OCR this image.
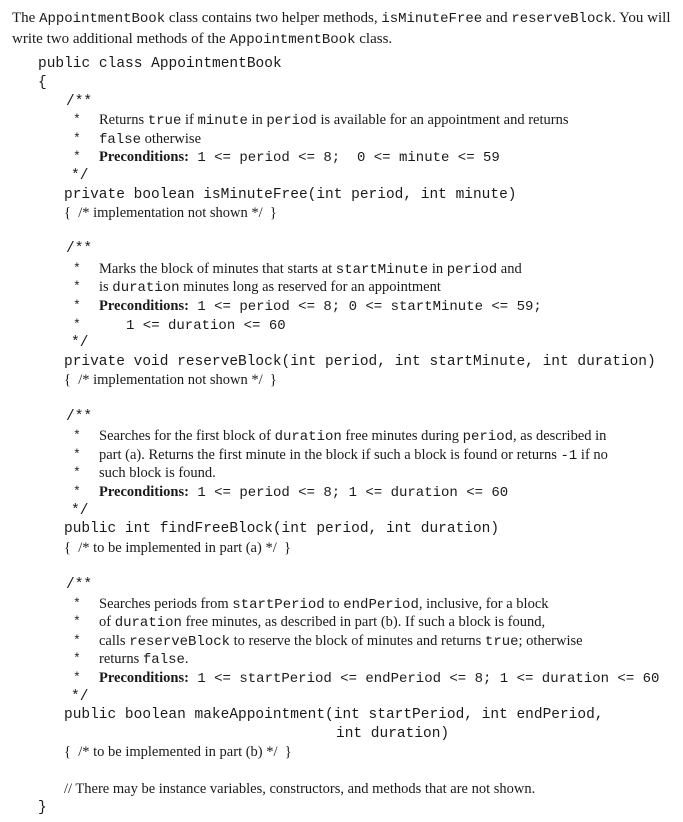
The AppointmentBook class contains two helper methods, isMinuteFree and reserveBlock. You will write two additional methods of the AppointmentBook class.

public class AppointmentBook
{
/**
* Returns true if minute in period is available for an appointment and returns
* false otherwise
* Preconditions: 1 <= period <= 8;  0 <= minute <= 59
*/
private boolean isMinuteFree(int period, int minute)
{  /* implementation not shown */  }
/**
* Marks the block of minutes that starts at startMinute in period and
* is duration minutes long as reserved for an appointment
* Preconditions: 1 <= period <= 8; 0 <= startMinute <= 59;
*	1 <= duration <= 60
*/
private void reserveBlock(int period, int startMinute, int duration)
{  /* implementation not shown */  }
/**
* Searches for the first block of duration free minutes during period, as described in
* part (a). Returns the first minute in the block if such a block is found or returns -1 if no
* such block is found.
* Preconditions: 1 <= period <= 8; 1 <= duration <= 60
*/
public int findFreeBlock(int period, int duration)
{  /* to be implemented in part (a) */  }
/**
* Searches periods from startPeriod to endPeriod, inclusive, for a block
* of duration free minutes, as described in part (b). If such a block is found,
* calls reserveBlock to reserve the block of minutes and returns true; otherwise
* returns false.
* Preconditions: 1 <= startPeriod <= endPeriod <= 8; 1 <= duration <= 60
*/
public boolean makeAppointment(int startPeriod, int endPeriod,
int duration)
{  /* to be implemented in part (b) */  }
// There may be instance variables, constructors, and methods that are not shown.
}
